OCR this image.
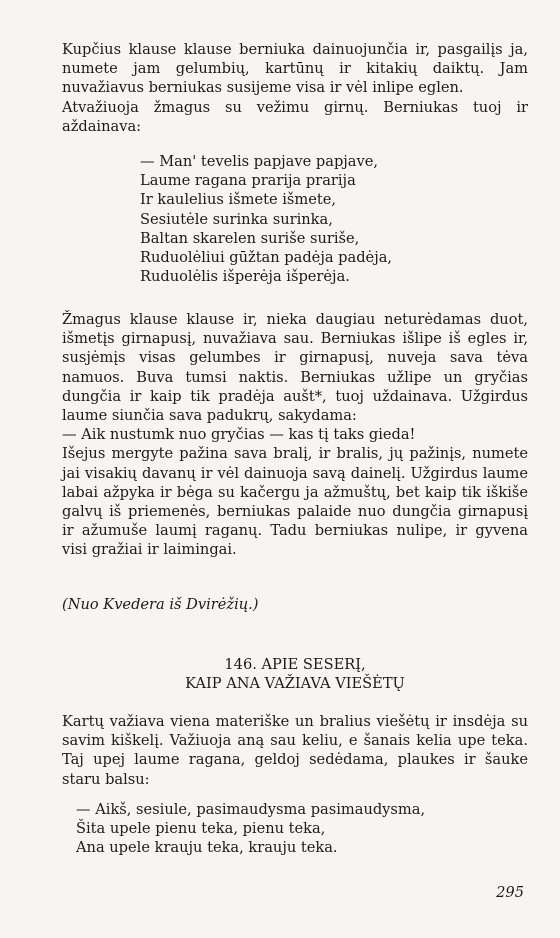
Kupčius klause klause berniuka dainuojunčia ir, pasgailįs ja, numete jam gelumbių, kartūnų ir kitakių daiktų. Jam nuvažiavus berniukas susijeme visa ir vėl inlipe eglen.

Atvažiuoja žmagus su vežimu girnų. Berniukas tuoj ir aždainava:

— Man' tevelis papjave papjave,
Laume ragana prarija prarija
Ir kaulelius išmete išmete,
Sesiutėle surinka surinka,
Baltan skarelen suriše suriše,
Ruduolėliui gūžtan padėja padėja,
Ruduolėlis išperėja išperėja.

Žmagus klause klause ir, nieka daugiau neturėdamas duot, išmetįs girnapusį, nuvažiava sau. Berniukas išlipe iš egles ir, susjėmįs visas gelumbes ir girnapusį, nuveja sava tėva namuos. Buva tumsi naktis. Berniukas užlipe un gryčias dungčia ir kaip tik pradėja aušt*, tuoj uždainava. Užgirdus laume siunčia sava padukrų, sakydama:

— Aik nustumk nuo gryčias — kas tį taks gieda!

Išejus mergyte pažina sava bralį, ir bralis, jų pažinįs, numete jai visakių davanų ir vėl dainuoja savą dainelį. Užgirdus laume labai ažpyka ir bėga su kačergu ja ažmuštų, bet kaip tik iškiše galvų iš priemenės, berniukas palaide nuo dungčia girnapusį ir ažumuše laumį raganų. Tadu berniukas nulipe, ir gyvena visi gražiai ir laimingai.

(Nuo Kvedera iš Dvirėžių.)
146. APIE SESERĮ,
KAIP ANA VAŽIAVA VIEŠĖTŲ

Kartų važiava viena materiške un bralius viešėtų ir insdėja su savim kiškelį. Važiuoja aną sau keliu, e šanais kelia upe teka. Taj upej laume ragana, geldoj sedėdama, plaukes ir šauke staru balsu:

— Aikš, sesiule, pasimaudysma pasimaudysma,
Šita upele pienu teka, pienu teka,
Ana upele krauju teka, krauju teka.
295
